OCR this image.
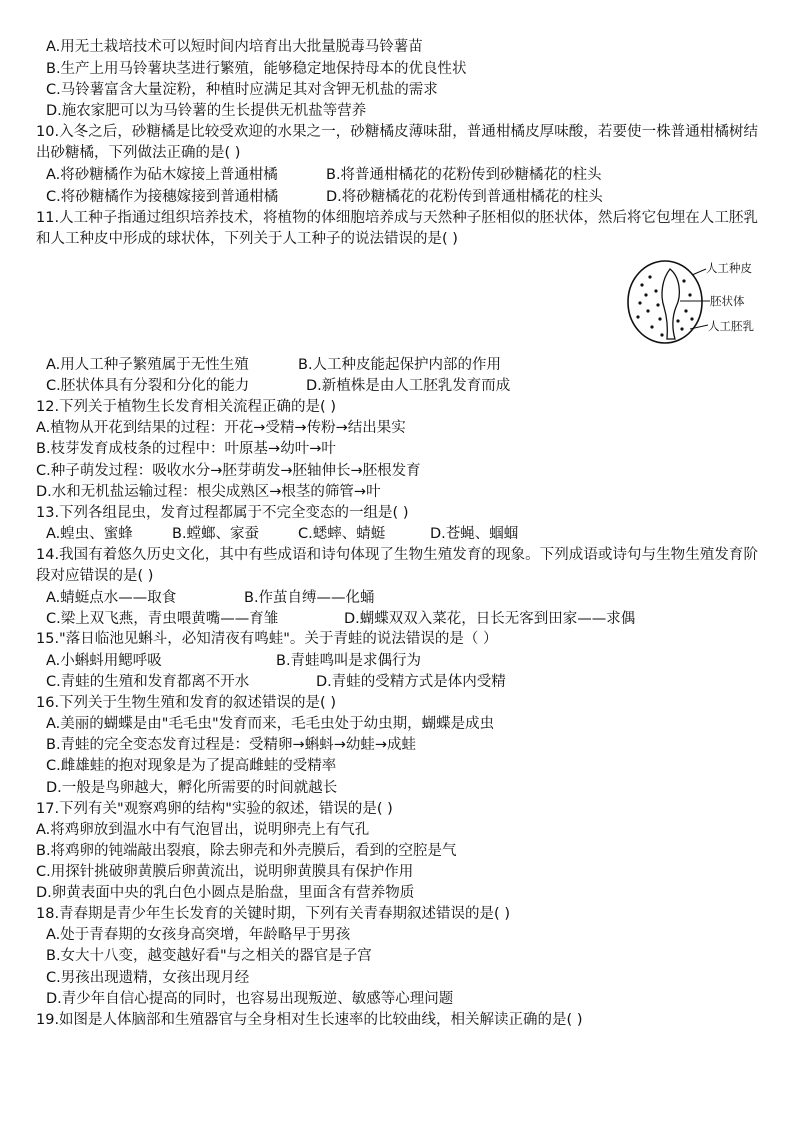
A.用无土栽培技术可以短时间内培育出大批量脱毒马铃薯苗
B.生产上用马铃薯块茎进行繁殖，能够稳定地保持母本的优良性状
C.马铃薯富含大量淀粉，种植时应满足其对含钾无机盐的需求
D.施农家肥可以为马铃薯的生长提供无机盐等营养
10.入冬之后，砂糖橘是比较受欢迎的水果之一，砂糖橘皮薄味甜，普通柑橘皮厚味酸，若要使一株普通柑橘树结出砂糖橘，下列做法正确的是( )
A.将砂糖橘作为砧木嫁接上普通柑橘	B.将普通柑橘花的花粉传到砂糖橘花的柱头
C.将砂糖橘作为接穗嫁接到普通柑橘	D.将砂糖橘花的花粉传到普通柑橘花的柱头
11.人工种子指通过组织培养技术，将植物的体细胞培养成与天然种子胚相似的胚状体，然后将它包埋在人工胚乳和人工种皮中形成的球状体，下列关于人工种子的说法错误的是( )
人工种皮
胚状体
人工胚乳
A.用人工种子繁殖属于无性生殖	B.人工种皮能起保护内部的作用
C.胚状体具有分裂和分化的能力	D.新植株是由人工胚乳发育而成
12.下列关于植物生长发育相关流程正确的是( )
A.植物从开花到结果的过程：开花→受精→传粉→结出果实
B.枝芽发育成枝条的过程中：叶原基→幼叶→叶
C.种子萌发过程：吸收水分→胚芽萌发→胚轴伸长→胚根发育
D.水和无机盐运输过程：根尖成熟区→根茎的筛管→叶
13.下列各组昆虫，发育过程都属于不完全变态的一组是( )
A.蝗虫、蜜蜂	B.螳螂、家蚕	C.蟋蟀、蜻蜓	D.苍蝇、蝈蝈
14.我国有着悠久历史文化，其中有些成语和诗句体现了生物生殖发育的现象。下列成语或诗句与生物生殖发育阶段对应错误的是( )
A.蜻蜓点水——取食	B.作茧自缚——化蛹
C.梁上双飞燕，青虫喂黄嘴——育雏	D.蝴蝶双双入菜花，日长无客到田家——求偶
15."落日临池见蝌斗，必知清夜有鸣蛙"。关于青蛙的说法错误的是（ ）
A.小蝌蚪用鳃呼吸	B.青蛙鸣叫是求偶行为
C.青蛙的生殖和发育都离不开水	D.青蛙的受精方式是体内受精
16.下列关于生物生殖和发育的叙述错误的是( )
A.美丽的蝴蝶是由"毛毛虫"发育而来，毛毛虫处于幼虫期，蝴蝶是成虫
B.青蛙的完全变态发育过程是：受精卵→蝌蚪→幼蛙→成蛙
C.雌雄蛙的抱对现象是为了提高雌蛙的受精率
D.一般是鸟卵越大，孵化所需要的时间就越长
17.下列有关"观察鸡卵的结构"实验的叙述，错误的是( )
A.将鸡卵放到温水中有气泡冒出，说明卵壳上有气孔
B.将鸡卵的钝端敲出裂痕，除去卵壳和外壳膜后，看到的空腔是气
C.用探针挑破卵黄膜后卵黄流出，说明卵黄膜具有保护作用
D.卵黄表面中央的乳白色小圆点是胎盘，里面含有营养物质
18.青春期是青少年生长发育的关键时期，下列有关青春期叙述错误的是( )
A.处于青春期的女孩身高突增，年龄略早于男孩
B.女大十八变，越变越好看"与之相关的器官是子宫
C.男孩出现遗精，女孩出现月经
D.青少年自信心提高的同时，也容易出现叛逆、敏感等心理问题
19.如图是人体脑部和生殖器官与全身相对生长速率的比较曲线，相关解读正确的是( )
